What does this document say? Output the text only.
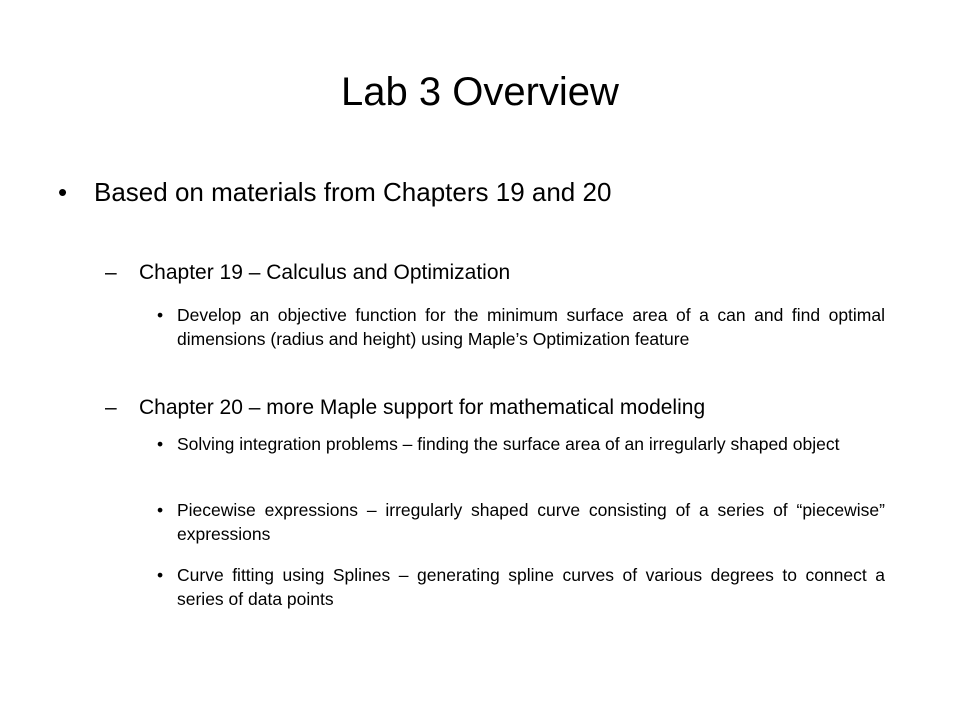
Lab 3 Overview
• Based on materials from Chapters 19 and 20
– Chapter 19 – Calculus and Optimization
• Develop an objective function for the minimum surface area of a can and find optimal dimensions (radius and height) using Maple’s Optimization feature
– Chapter 20 – more Maple support for mathematical modeling
• Solving integration problems – finding the surface area of an irregularly shaped object
• Piecewise expressions – irregularly shaped curve consisting of a series of “piecewise” expressions
• Curve fitting using Splines – generating spline curves of various degrees to connect a series of data points
